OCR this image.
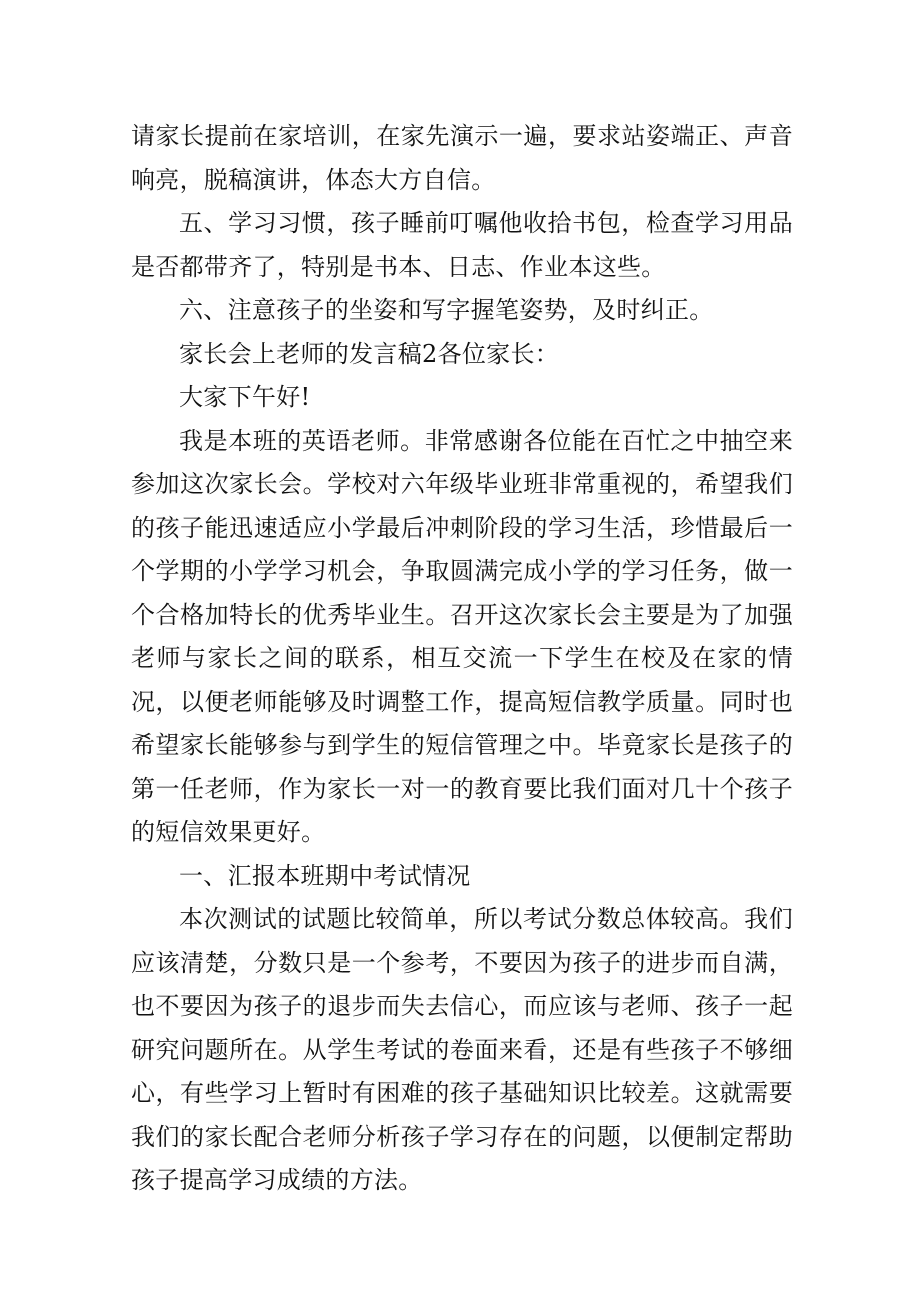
请家长提前在家培训，在家先演示一遍，要求站姿端正、声音响亮，脱稿演讲，体态大方自信。

五、学习习惯，孩子睡前叮嘱他收拾书包，检查学习用品是否都带齐了，特别是书本、日志、作业本这些。

六、注意孩子的坐姿和写字握笔姿势，及时纠正。

家长会上老师的发言稿2各位家长：

大家下午好!

我是本班的英语老师。非常感谢各位能在百忙之中抽空来参加这次家长会。学校对六年级毕业班非常重视的，希望我们的孩子能迅速适应小学最后冲刺阶段的学习生活，珍惜最后一个学期的小学学习机会，争取圆满完成小学的学习任务，做一个合格加特长的优秀毕业生。召开这次家长会主要是为了加强老师与家长之间的联系，相互交流一下学生在校及在家的情况，以便老师能够及时调整工作，提高短信教学质量。同时也希望家长能够参与到学生的短信管理之中。毕竟家长是孩子的第一任老师，作为家长一对一的教育要比我们面对几十个孩子的短信效果更好。

一、汇报本班期中考试情况

本次测试的试题比较简单，所以考试分数总体较高。我们应该清楚，分数只是一个参考，不要因为孩子的进步而自满，也不要因为孩子的退步而失去信心，而应该与老师、孩子一起研究问题所在。从学生考试的卷面来看，还是有些孩子不够细心，有些学习上暂时有困难的孩子基础知识比较差。这就需要我们的家长配合老师分析孩子学习存在的问题，以便制定帮助孩子提高学习成绩的方法。
